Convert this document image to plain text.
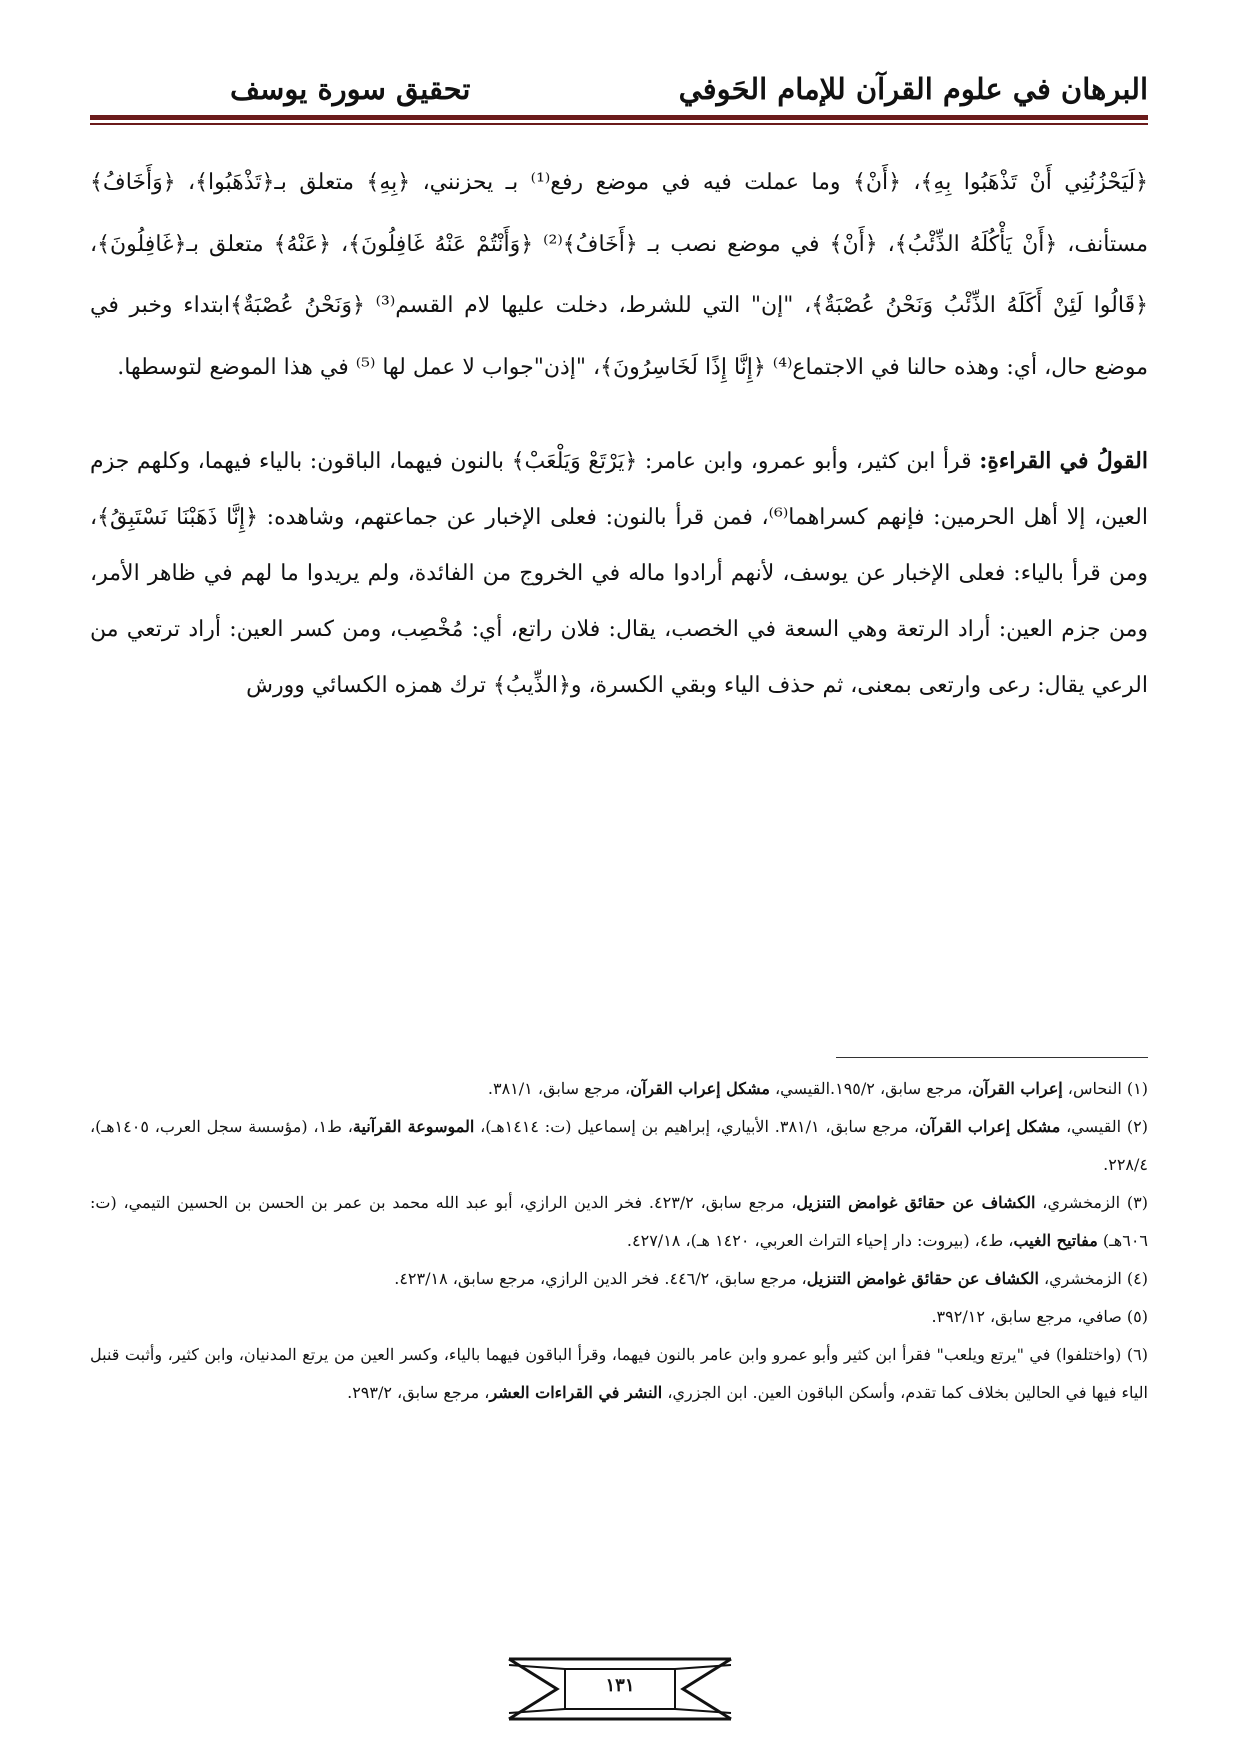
البرهان في علوم القرآن للإمام الحَوفي
تحقيق سورة يوسف

﴿لَيَحْزُنُنِي أَنْ تَذْهَبُوا بِهِ﴾، ﴿أَنْ﴾ وما عملت فيه في موضع رفع⁽¹⁾ بـ يحزنني، ﴿بِهِ﴾ متعلق بـ﴿تَذْهَبُوا﴾، ﴿وَأَخَافُ﴾ مستأنف، ﴿أَنْ يَأْكُلَهُ الذِّئْبُ﴾، ﴿أَنْ﴾ في موضع نصب بـ ﴿أَخَافُ﴾⁽²⁾ ﴿وَأَنْتُمْ عَنْهُ غَافِلُونَ﴾، ﴿عَنْهُ﴾ متعلق بـ﴿غَافِلُونَ﴾، ﴿قَالُوا لَئِنْ أَكَلَهُ الذِّئْبُ وَنَحْنُ عُصْبَةٌ﴾، "إن" التي للشرط، دخلت عليها لام القسم⁽³⁾ ﴿وَنَحْنُ عُصْبَةٌ﴾ابتداء وخبر في موضع حال، أي: وهذه حالنا في الاجتماع⁽⁴⁾ ﴿إِنَّا إِذًا لَخَاسِرُونَ﴾، "إذن"جواب لا عمل لها ⁽⁵⁾ في هذا الموضع لتوسطها.

القولُ في القراءةِ: قرأ ابن كثير، وأبو عمرو، وابن عامر: ﴿يَرْتَعْ وَيَلْعَبْ﴾ بالنون فيهما، الباقون: بالياء فيهما، وكلهم جزم العين، إلا أهل الحرمين: فإنهم كسراهما⁽⁶⁾، فمن قرأ بالنون: فعلى الإخبار عن جماعتهم، وشاهده: ﴿إِنَّا ذَهَبْنَا نَسْتَبِقُ﴾، ومن قرأ بالياء: فعلى الإخبار عن يوسف، لأنهم أرادوا ماله في الخروج من الفائدة، ولم يريدوا ما لهم في ظاهر الأمر، ومن جزم العين: أراد الرتعة وهي السعة في الخصب، يقال: فلان راتع، أي: مُخْصِب، ومن كسر العين: أراد ترتعي من الرعي يقال: رعى وارتعى بمعنى، ثم حذف الياء وبقي الكسرة، و﴿الذِّيبُ﴾ ترك همزه الكسائي وورش

(١) النحاس، إعراب القرآن، مرجع سابق، ١٩٥/٢.القيسي، مشكل إعراب القرآن، مرجع سابق، ٣٨١/١.

(٢) القيسي، مشكل إعراب القرآن، مرجع سابق، ٣٨١/١. الأبياري، إبراهيم بن إسماعيل (ت: ١٤١٤هـ)، الموسوعة القرآنية، ط١، (مؤسسة سجل العرب، ١٤٠٥هـ)، ٢٢٨/٤.

(٣) الزمخشري، الكشاف عن حقائق غوامض التنزيل، مرجع سابق، ٤٢٣/٢. فخر الدين الرازي، أبو عبد الله محمد بن عمر بن الحسن بن الحسين التيمي، (ت: ٦٠٦هـ) مفاتيح الغيب، ط٤، (بيروت: دار إحياء التراث العربي، ١٤٢٠ هـ)، ٤٢٧/١٨.

(٤) الزمخشري، الكشاف عن حقائق غوامض التنزيل، مرجع سابق، ٤٤٦/٢. فخر الدين الرازي، مرجع سابق، ٤٢٣/١٨.

(٥) صافي، مرجع سابق، ٣٩٢/١٢.

(٦) (واختلفوا) في "يرتع ويلعب" فقرأ ابن كثير وأبو عمرو وابن عامر بالنون فيهما، وقرأ الباقون فيهما بالياء، وكسر العين من يرتع المدنيان، وابن كثير، وأثبت قنبل الياء فيها في الحالين بخلاف كما تقدم، وأسكن الباقون العين. ابن الجزري، النشر في القراءات العشر، مرجع سابق، ٢٩٣/٢.

١٣١
